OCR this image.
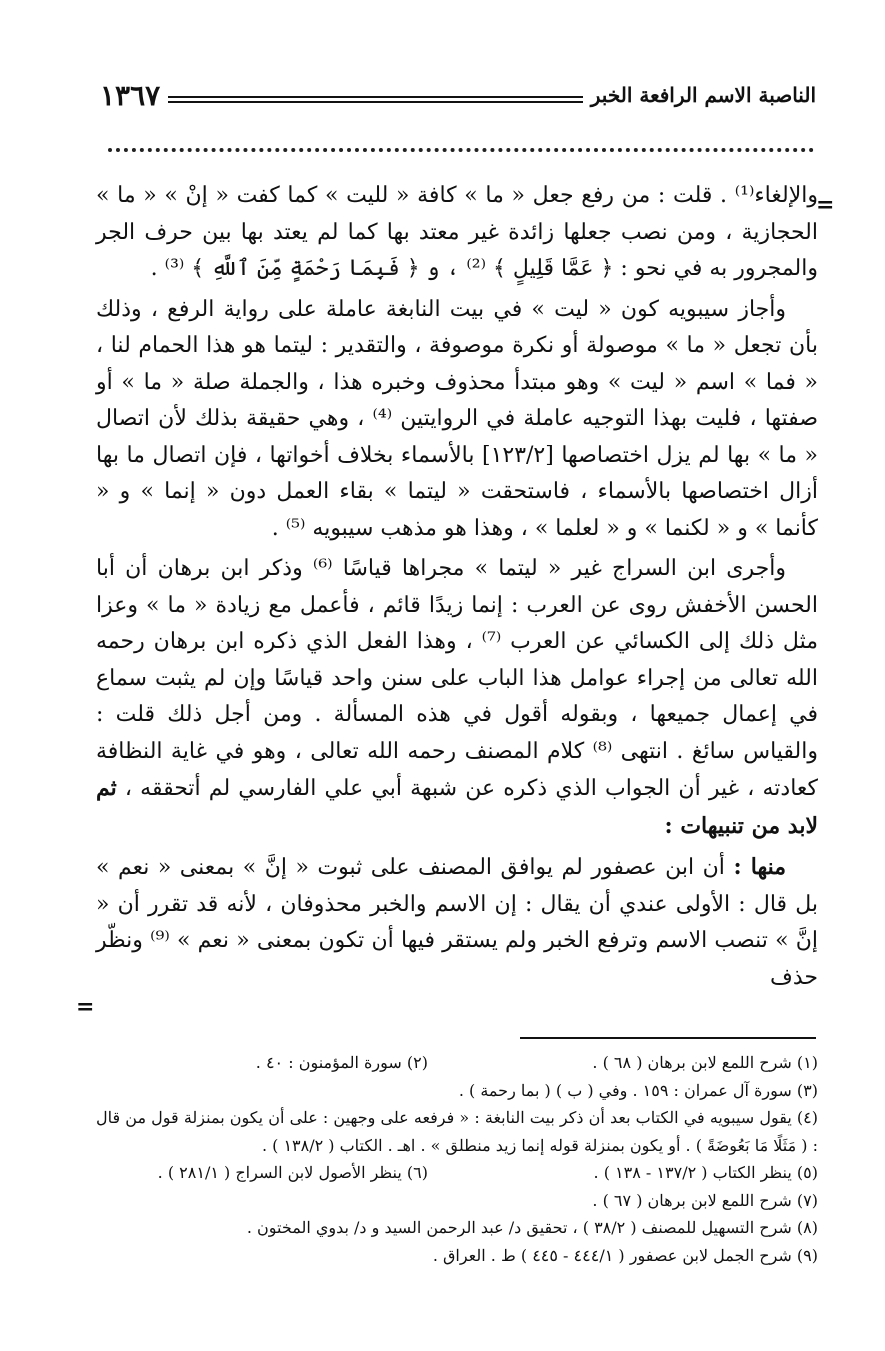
١٣٦٧	الناصبة الاسم الرافعة الخبر
=

والإلغاء⁽¹⁾ . قلت : من رفع جعل « ما » كافة « لليت » كما كفت « إنْ » « ما » الحجازية ، ومن نصب جعلها زائدة غير معتد بها كما لم يعتد بها بين حرف الجر والمجرور به في نحو : ﴿ عَمَّا قَلِيلٍ ﴾ ⁽²⁾ ، و ﴿ فَبِمَا رَحْمَةٍ مِّنَ ٱللَّهِ ﴾ ⁽³⁾ .

وأجاز سيبويه كون « ليت » في بيت النابغة عاملة على رواية الرفع ، وذلك بأن تجعل « ما » موصولة أو نكرة موصوفة ، والتقدير : ليتما هو هذا الحمام لنا ، « فما » اسم « ليت » وهو مبتدأ محذوف وخبره هذا ، والجملة صلة « ما » أو صفتها ، فليت بهذا التوجيه عاملة في الروايتين ⁽⁴⁾ ، وهي حقيقة بذلك لأن اتصال « ما » بها لم يزل اختصاصها [١٢٣/٢] بالأسماء بخلاف أخواتها ، فإن اتصال ما بها أزال اختصاصها بالأسماء ، فاستحقت « ليتما » بقاء العمل دون « إنما » و « كأنما » و « لكنما » و « لعلما » ، وهذا هو مذهب سيبويه ⁽⁵⁾ .

وأجرى ابن السراج غير « ليتما » مجراها قياسًا ⁽⁶⁾ وذكر ابن برهان أن أبا الحسن الأخفش روى عن العرب : إنما زيدًا قائم ، فأعمل مع زيادة « ما » وعزا مثل ذلك إلى الكسائي عن العرب ⁽⁷⁾ ، وهذا الفعل الذي ذكره ابن برهان رحمه الله تعالى من إجراء عوامل هذا الباب على سنن واحد قياسًا وإن لم يثبت سماع في إعمال جميعها ، وبقوله أقول في هذه المسألة . ومن أجل ذلك قلت : والقياس سائغ . انتهى ⁽⁸⁾ كلام المصنف رحمه الله تعالى ، وهو في غاية النظافة كعادته ، غير أن الجواب الذي ذكره عن شبهة أبي علي الفارسي لم أتحققه ، ثم لابد من تنبيهات :

منها : أن ابن عصفور لم يوافق المصنف على ثبوت « إنَّ » بمعنى « نعم » بل قال : الأولى عندي أن يقال : إن الاسم والخبر محذوفان ، لأنه قد تقرر أن « إنَّ » تنصب الاسم وترفع الخبر ولم يستقر فيها أن تكون بمعنى « نعم » ⁽⁹⁾ ونظّر حذف

=
(١) شرح اللمع لابن برهان ( ٦٨ ) .
(٢) سورة المؤمنون : ٤٠ .

(٣) سورة آل عمران : ١٥٩ . وفي ( ب ) ( بما رحمة ) .

(٤) يقول سيبويه في الكتاب بعد أن ذكر بيت النابغة : « فرفعه على وجهين : على أن يكون بمنزلة قول من قال : ( مَثَلًا مَا بَعُوضَةً ) . أو يكون بمنزلة قوله إنما زيد منطلق » . اهـ . الكتاب ( ١٣٨/٢ ) .

(٥) ينظر الكتاب ( ١٣٧/٢ - ١٣٨ ) .
(٦) ينظر الأصول لابن السراج ( ٢٨١/١ ) .

(٧) شرح اللمع لابن برهان ( ٦٧ ) .

(٨) شرح التسهيل للمصنف ( ٣٨/٢ ) ، تحقيق د/ عبد الرحمن السيد و د/ بدوي المختون .

(٩) شرح الجمل لابن عصفور ( ٤٤٤/١ - ٤٤٥ ) ط . العراق .
